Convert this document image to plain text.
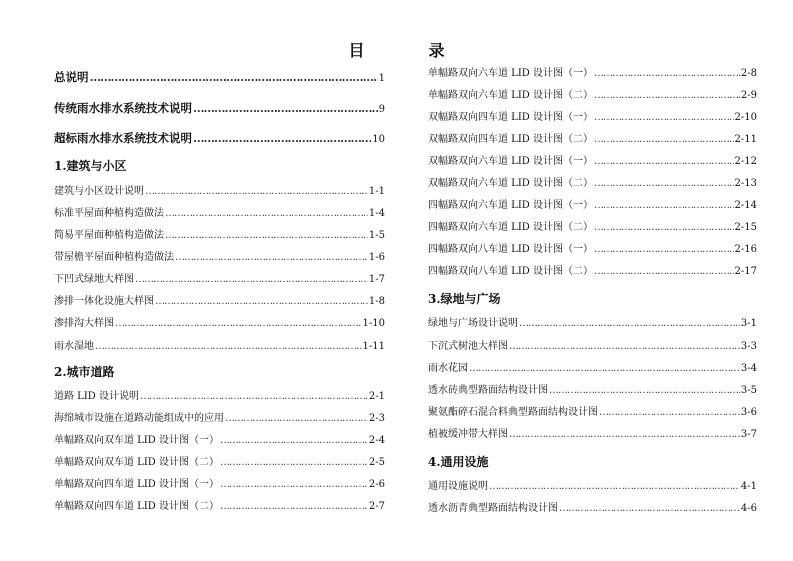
目　录
总说明 ……………………………………………………………………………………………………………………………………………………	1
传统雨水排水系统技术说明 ……………………………………………………………………………………………………………………………………………………	9
超标雨水排水系统技术说明 ……………………………………………………………………………………………………………………………………………………	10
1.建筑与小区
建筑与小区设计说明 ……………………………………………………………………………………………………………………………………………………	1-1
标准平屋面种植构造做法 ……………………………………………………………………………………………………………………………………………………	1-4
简易平屋面种植构造做法 ……………………………………………………………………………………………………………………………………………………	1-5
带屋檐平屋面种植构造做法 ……………………………………………………………………………………………………………………………………………………	1-6
下凹式绿地大样图 ……………………………………………………………………………………………………………………………………………………	1-7
渗排一体化设施大样图 ……………………………………………………………………………………………………………………………………………………	1-8
渗排沟大样图 ……………………………………………………………………………………………………………………………………………………	1-10
雨水湿地 ……………………………………………………………………………………………………………………………………………………	1-11
2.城市道路
道路 LID 设计说明 ……………………………………………………………………………………………………………………………………………………	2-1
海绵城市设施在道路动能组成中的应用 ……………………………………………………………………………………………………………………………………………………	2-3
单幅路双向双车道 LID 设计图（一） ……………………………………………………………………………………………………………………………………………………	2-4
单幅路双向双车道 LID 设计图（二） ……………………………………………………………………………………………………………………………………………………	2-5
单幅路双向四车道 LID 设计图（一） ……………………………………………………………………………………………………………………………………………………	2-6
单幅路双向四车道 LID 设计图（二） ……………………………………………………………………………………………………………………………………………………	2-7
单幅路双向六车道 LID 设计图（一） ……………………………………………………………………………………………………………………………………………………	2-8
单幅路双向六车道 LID 设计图（二） ……………………………………………………………………………………………………………………………………………………	2-9
双幅路双向四车道 LID 设计图（一） ……………………………………………………………………………………………………………………………………………………	2-10
双幅路双向四车道 LID 设计图（二） ……………………………………………………………………………………………………………………………………………………	2-11
双幅路双向六车道 LID 设计图（一） ……………………………………………………………………………………………………………………………………………………	2-12
双幅路双向六车道 LID 设计图（二） ……………………………………………………………………………………………………………………………………………………	2-13
四幅路双向六车道 LID 设计图（一） ……………………………………………………………………………………………………………………………………………………	2-14
四幅路双向六车道 LID 设计图（二） ……………………………………………………………………………………………………………………………………………………	2-15
四幅路双向八车道 LID 设计图（一） ……………………………………………………………………………………………………………………………………………………	2-16
四幅路双向八车道 LID 设计图（二） ……………………………………………………………………………………………………………………………………………………	2-17
3.绿地与广场
绿地与广场设计说明 ……………………………………………………………………………………………………………………………………………………	3-1
下沉式树池大样图 ……………………………………………………………………………………………………………………………………………………	3-3
雨水花园 ……………………………………………………………………………………………………………………………………………………	3-4
透水砖典型路面结构设计图 ……………………………………………………………………………………………………………………………………………………	3-5
聚氨酯碎石混合料典型路面结构设计图 ……………………………………………………………………………………………………………………………………………………	3-6
植被缓冲带大样图 ……………………………………………………………………………………………………………………………………………………	3-7
4.通用设施
通用设施说明 ……………………………………………………………………………………………………………………………………………………	4-1
透水沥青典型路面结构设计图 ……………………………………………………………………………………………………………………………………………………	4-6
